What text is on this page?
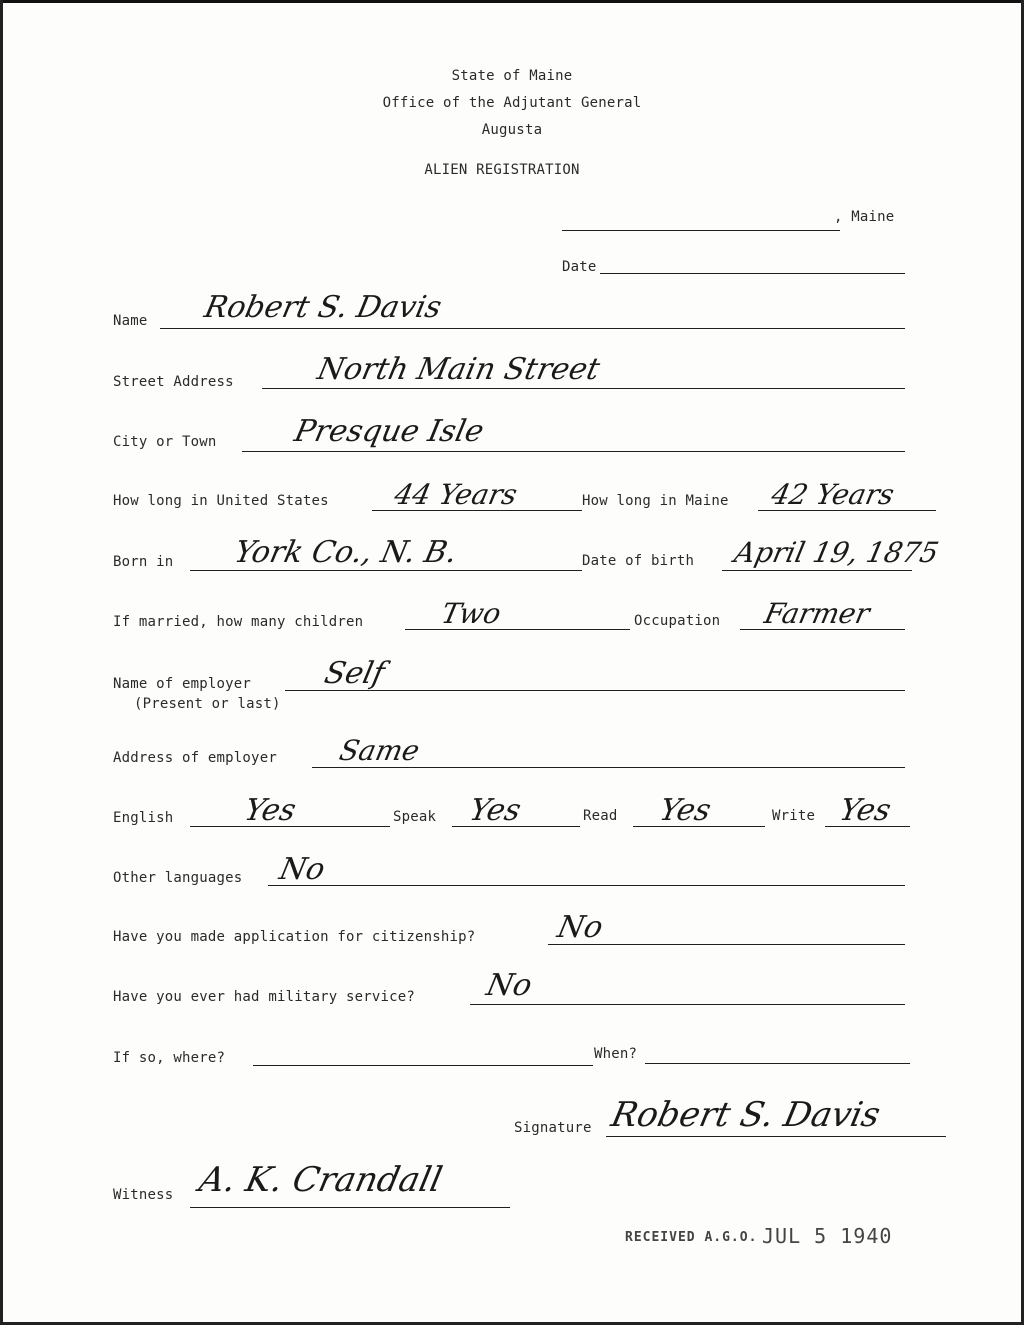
State of Maine
Office of the Adjutant General
Augusta
ALIEN REGISTRATION
, Maine
Date
Name Robert S. Davis
Street Address	North Main Street
City or Town Presque Isle
How long in United States 44 Years	How long in Maine 42 Years
Born in York Co., N. B.	Date of birth April 19, 1875
If married, how many children	Two	Occupation Farmer
Name of employer
(Present or last)
Self
Address of employer Same
English Yes	Speak Yes	Read Yes	Write Yes
Other languages No
Have you made application for citizenship?	No
Have you ever had military service? No
If so, where?	When?
Signature Robert S. Davis
Witness A. K. Crandall
RECEIVED A.G.O. JUL 5 1940
